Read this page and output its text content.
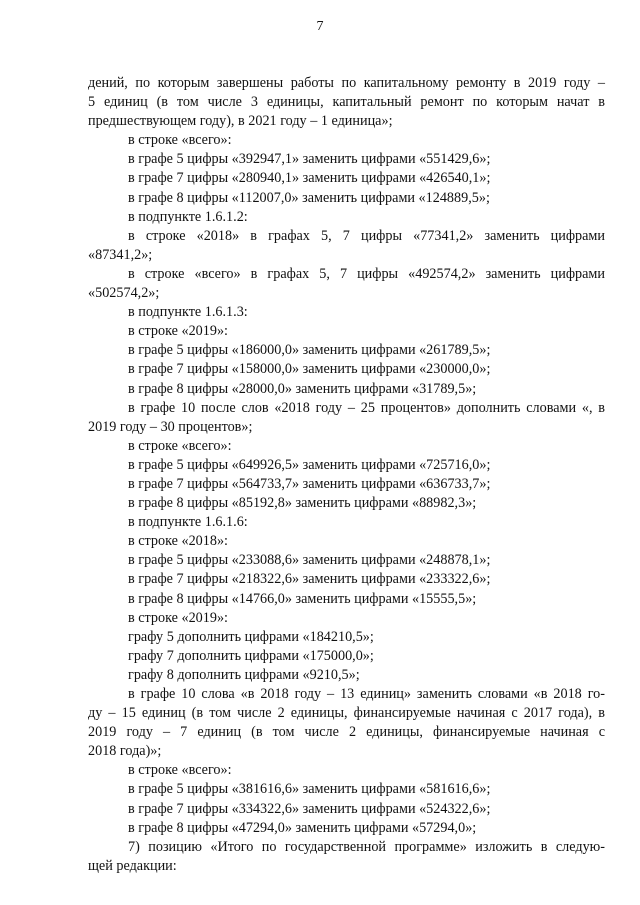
7

дений, по которым завершены работы по капитальному ремонту в 2019 году –

5 единиц (в том числе 3 единицы, капитальный ремонт по которым начат в

предшествующем году), в 2021 году – 1 единица»;

в строке «всего»:

в графе 5 цифры «392947,1» заменить цифрами «551429,6»;

в графе 7 цифры «280940,1» заменить цифрами «426540,1»;

в графе 8 цифры «112007,0» заменить цифрами «124889,5»;

в подпункте 1.6.1.2:

в строке «2018» в графах 5, 7 цифры «77341,2» заменить цифрами

«87341,2»;

в строке «всего» в графах 5, 7 цифры «492574,2» заменить цифрами

«502574,2»;

в подпункте 1.6.1.3:

в строке «2019»:

в графе 5 цифры «186000,0» заменить цифрами «261789,5»;

в графе 7 цифры «158000,0» заменить цифрами «230000,0»;

в графе 8 цифры «28000,0» заменить цифрами «31789,5»;

в графе 10 после слов «2018 году – 25 процентов» дополнить словами «, в

2019 году – 30 процентов»;

в строке «всего»:

в графе 5 цифры «649926,5» заменить цифрами «725716,0»;

в графе 7 цифры «564733,7» заменить цифрами «636733,7»;

в графе 8 цифры «85192,8» заменить цифрами «88982,3»;

в подпункте 1.6.1.6:

в строке «2018»:

в графе 5 цифры «233088,6» заменить цифрами «248878,1»;

в графе 7 цифры «218322,6» заменить цифрами «233322,6»;

в графе 8 цифры «14766,0» заменить цифрами «15555,5»;

в строке «2019»:

графу 5 дополнить цифрами «184210,5»;

графу 7 дополнить цифрами «175000,0»;

графу 8 дополнить цифрами «9210,5»;

в графе 10 слова «в 2018 году – 13 единиц» заменить словами «в 2018 го-

ду – 15 единиц (в том числе 2 единицы, финансируемые начиная с 2017 года), в

2019 году – 7 единиц (в том числе 2 единицы, финансируемые начиная с

2018 года)»;

в строке «всего»:

в графе 5 цифры «381616,6» заменить цифрами «581616,6»;

в графе 7 цифры «334322,6» заменить цифрами «524322,6»;

в графе 8 цифры «47294,0» заменить цифрами «57294,0»;

7) позицию «Итого по государственной программе» изложить в следую-

щей редакции:
